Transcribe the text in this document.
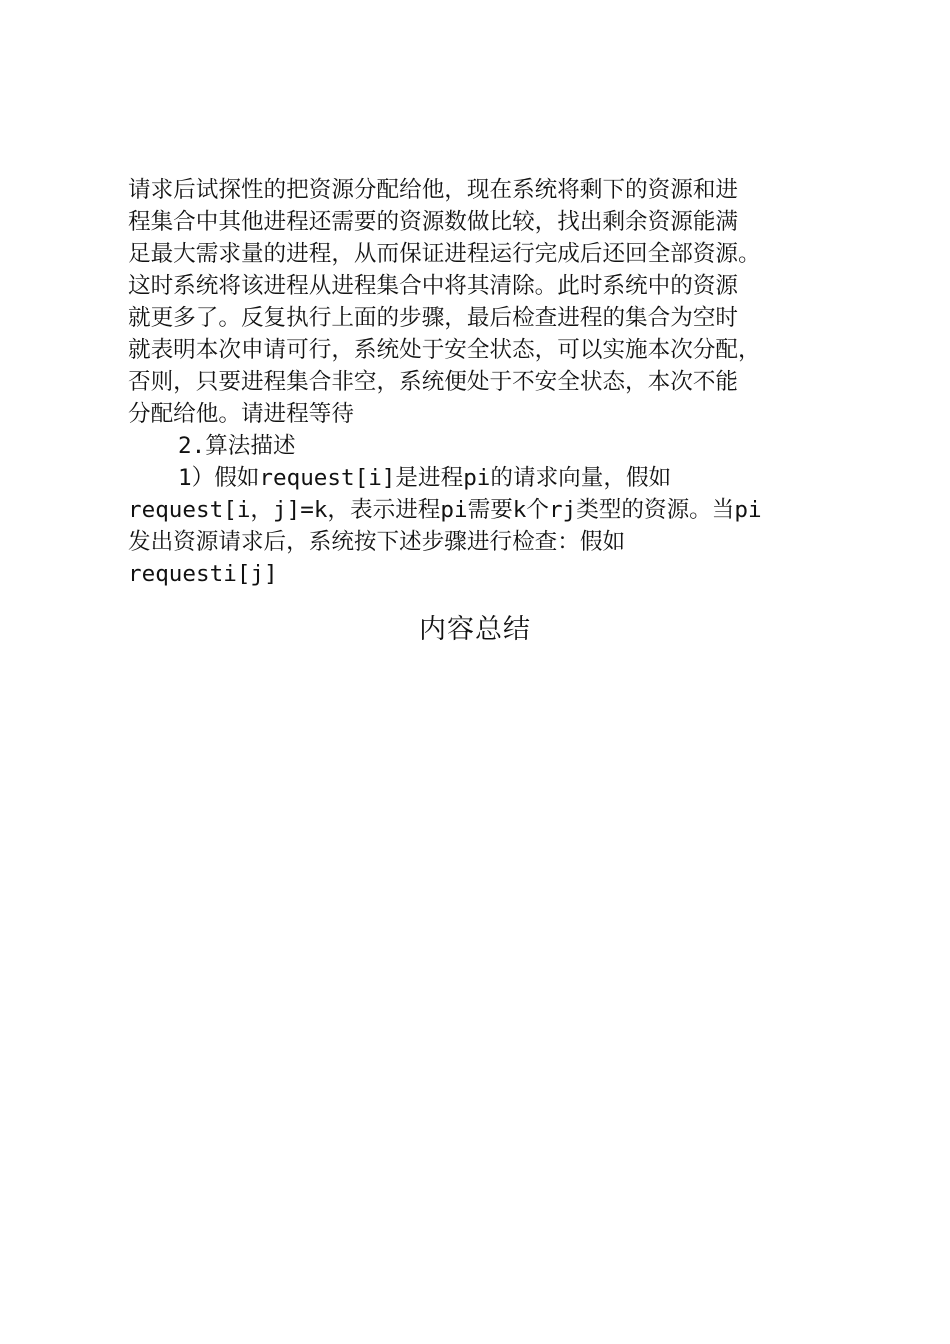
请求后试探性的把资源分配给他，现在系统将剩下的资源和进
程集合中其他进程还需要的资源数做比较，找出剩余资源能满
足最大需求量的进程，从而保证进程运行完成后还回全部资源。
这时系统将该进程从进程集合中将其清除。此时系统中的资源
就更多了。反复执行上面的步骤，最后检查进程的集合为空时
就表明本次申请可行，系统处于安全状态，可以实施本次分配，
否则，只要进程集合非空，系统便处于不安全状态，本次不能
分配给他。请进程等待
2.算法描述
1）假如request[i]是进程pi的请求向量，假如
request[i，j]=k，表示进程pi需要k个rj类型的资源。当pi
发出资源请求后，系统按下述步骤进行检查：假如
requesti[j]
内容总结
